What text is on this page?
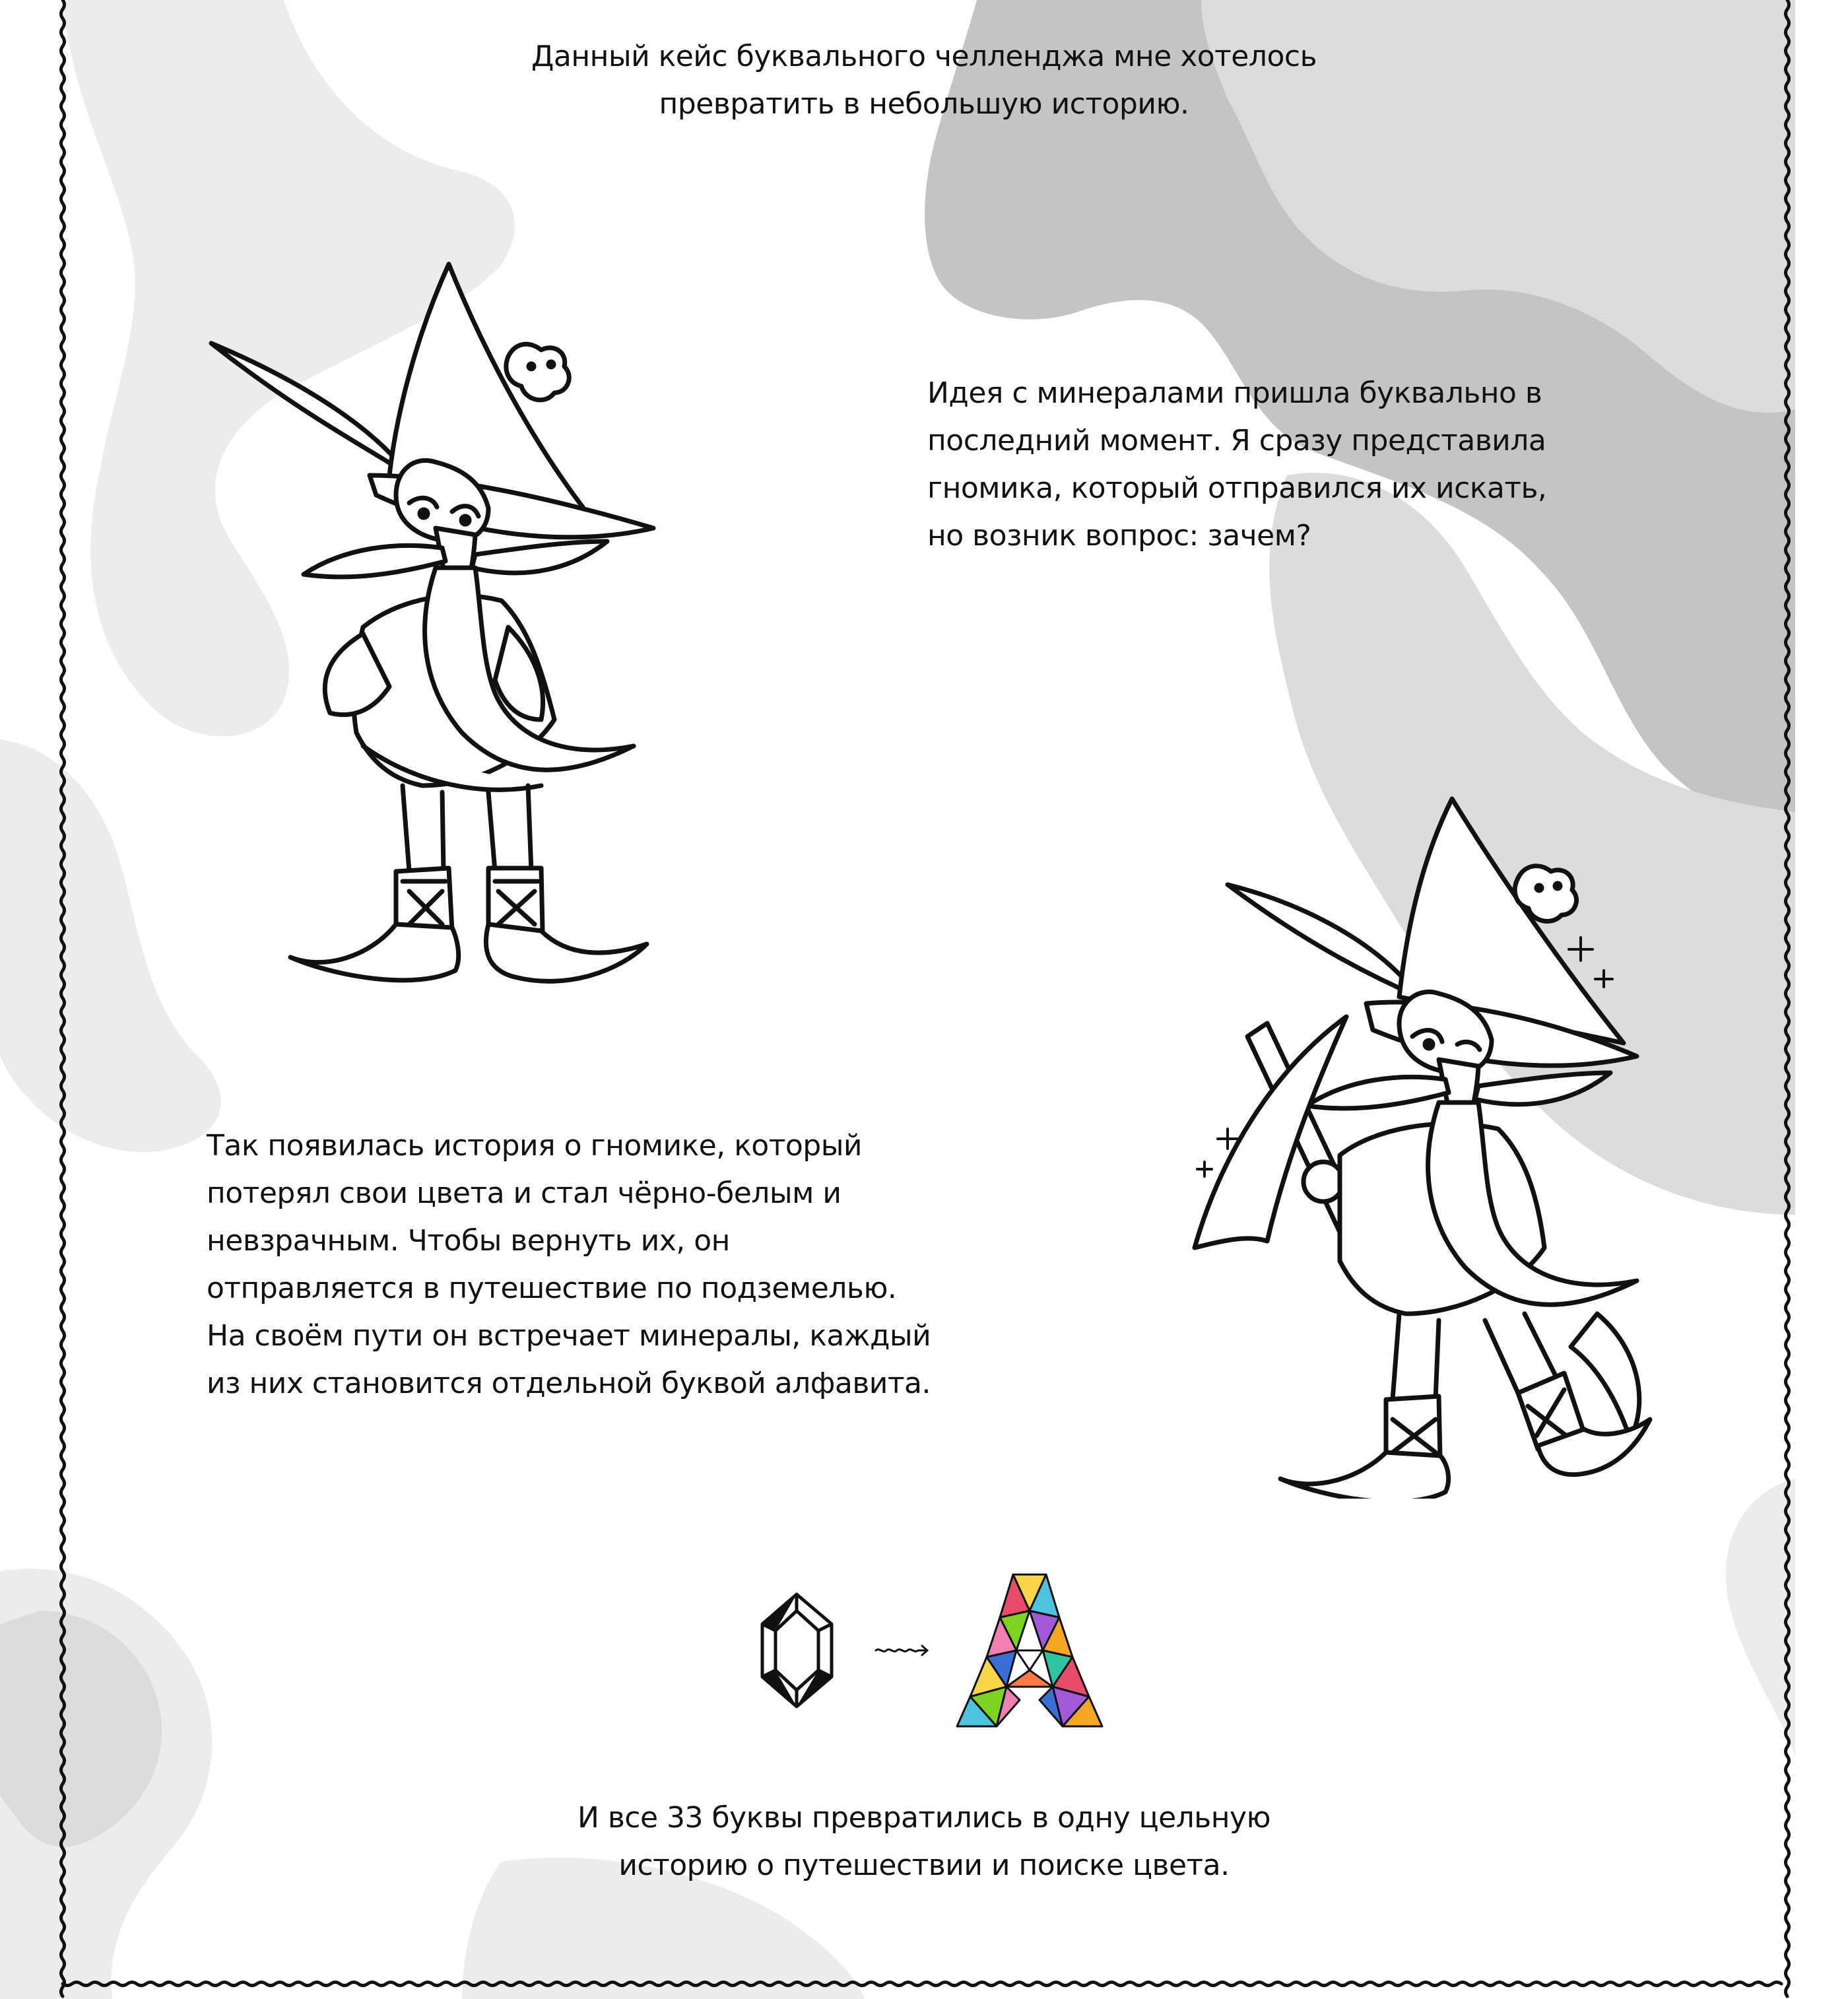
Данный кейс буквального челленджа мне хотелось
превратить в небольшую историю.
Идея с минералами пришла буквально в
последний момент. Я сразу представила
гномика, который отправился их искать,
но возник вопрос: зачем?
Так появилась история о гномике, который
потерял свои цвета и стал чёрно-белым и
невзрачным. Чтобы вернуть их, он
отправляется в путешествие по подземелью.
На своём пути он встречает минералы, каждый
из них становится отдельной буквой алфавита.
И все 33 буквы превратились в одну цельную
историю о путешествии и поиске цвета.
